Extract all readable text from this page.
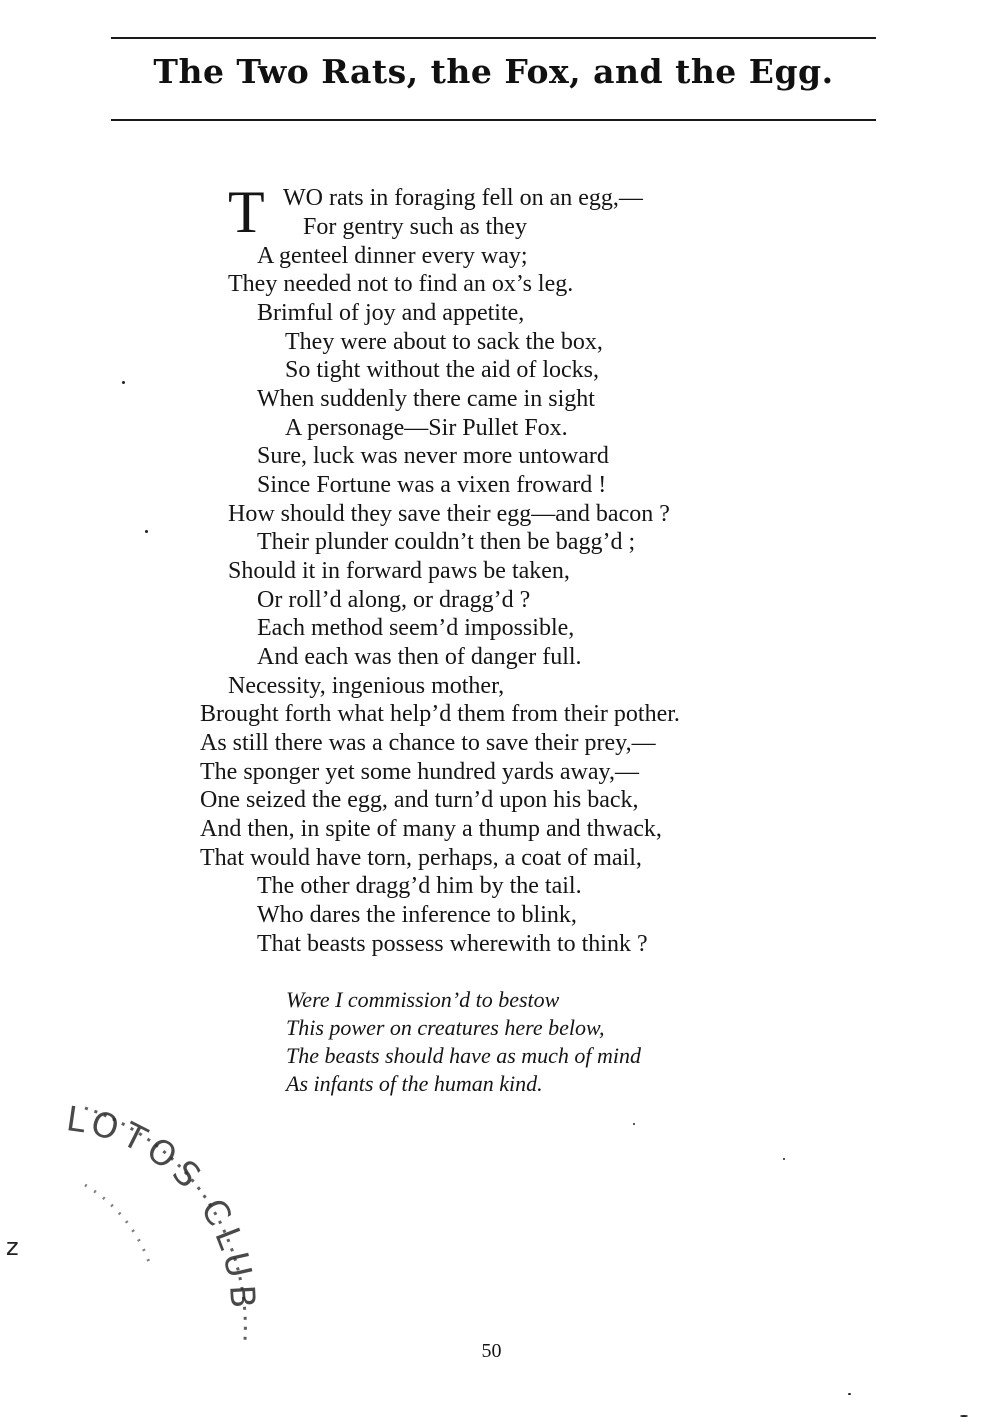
The Two Rats, the Fox, and the Egg.
T WO rats in foraging fell on an egg,—
For gentry such as they
A genteel dinner every way;
They needed not to find an ox’s leg.
Brimful of joy and appetite,
They were about to sack the box,
So tight without the aid of locks,
When suddenly there came in sight
A personage—Sir Pullet Fox.
Sure, luck was never more untoward
Since Fortune was a vixen froward !
How should they save their egg—and bacon ?
Their plunder couldn’t then be bagg’d ;
Should it in forward paws be taken,
Or roll’d along, or dragg’d ?
Each method seem’d impossible,
And each was then of danger full.
Necessity, ingenious mother,
Brought forth what help’d them from their pother.
As still there was a chance to save their prey,—
The sponger yet some hundred yards away,—
One seized the egg, and turn’d upon his back,
And then, in spite of many a thump and thwack,
That would have torn, perhaps, a coat of mail,
The other dragg’d him by the tail.
Who dares the inference to blink,
That beasts possess wherewith to think ?
Were I commission’d to bestow
This power on creatures here below,
The beasts should have as much of mind
As infants of the human kind.
LOTOS CLUB
z
50
